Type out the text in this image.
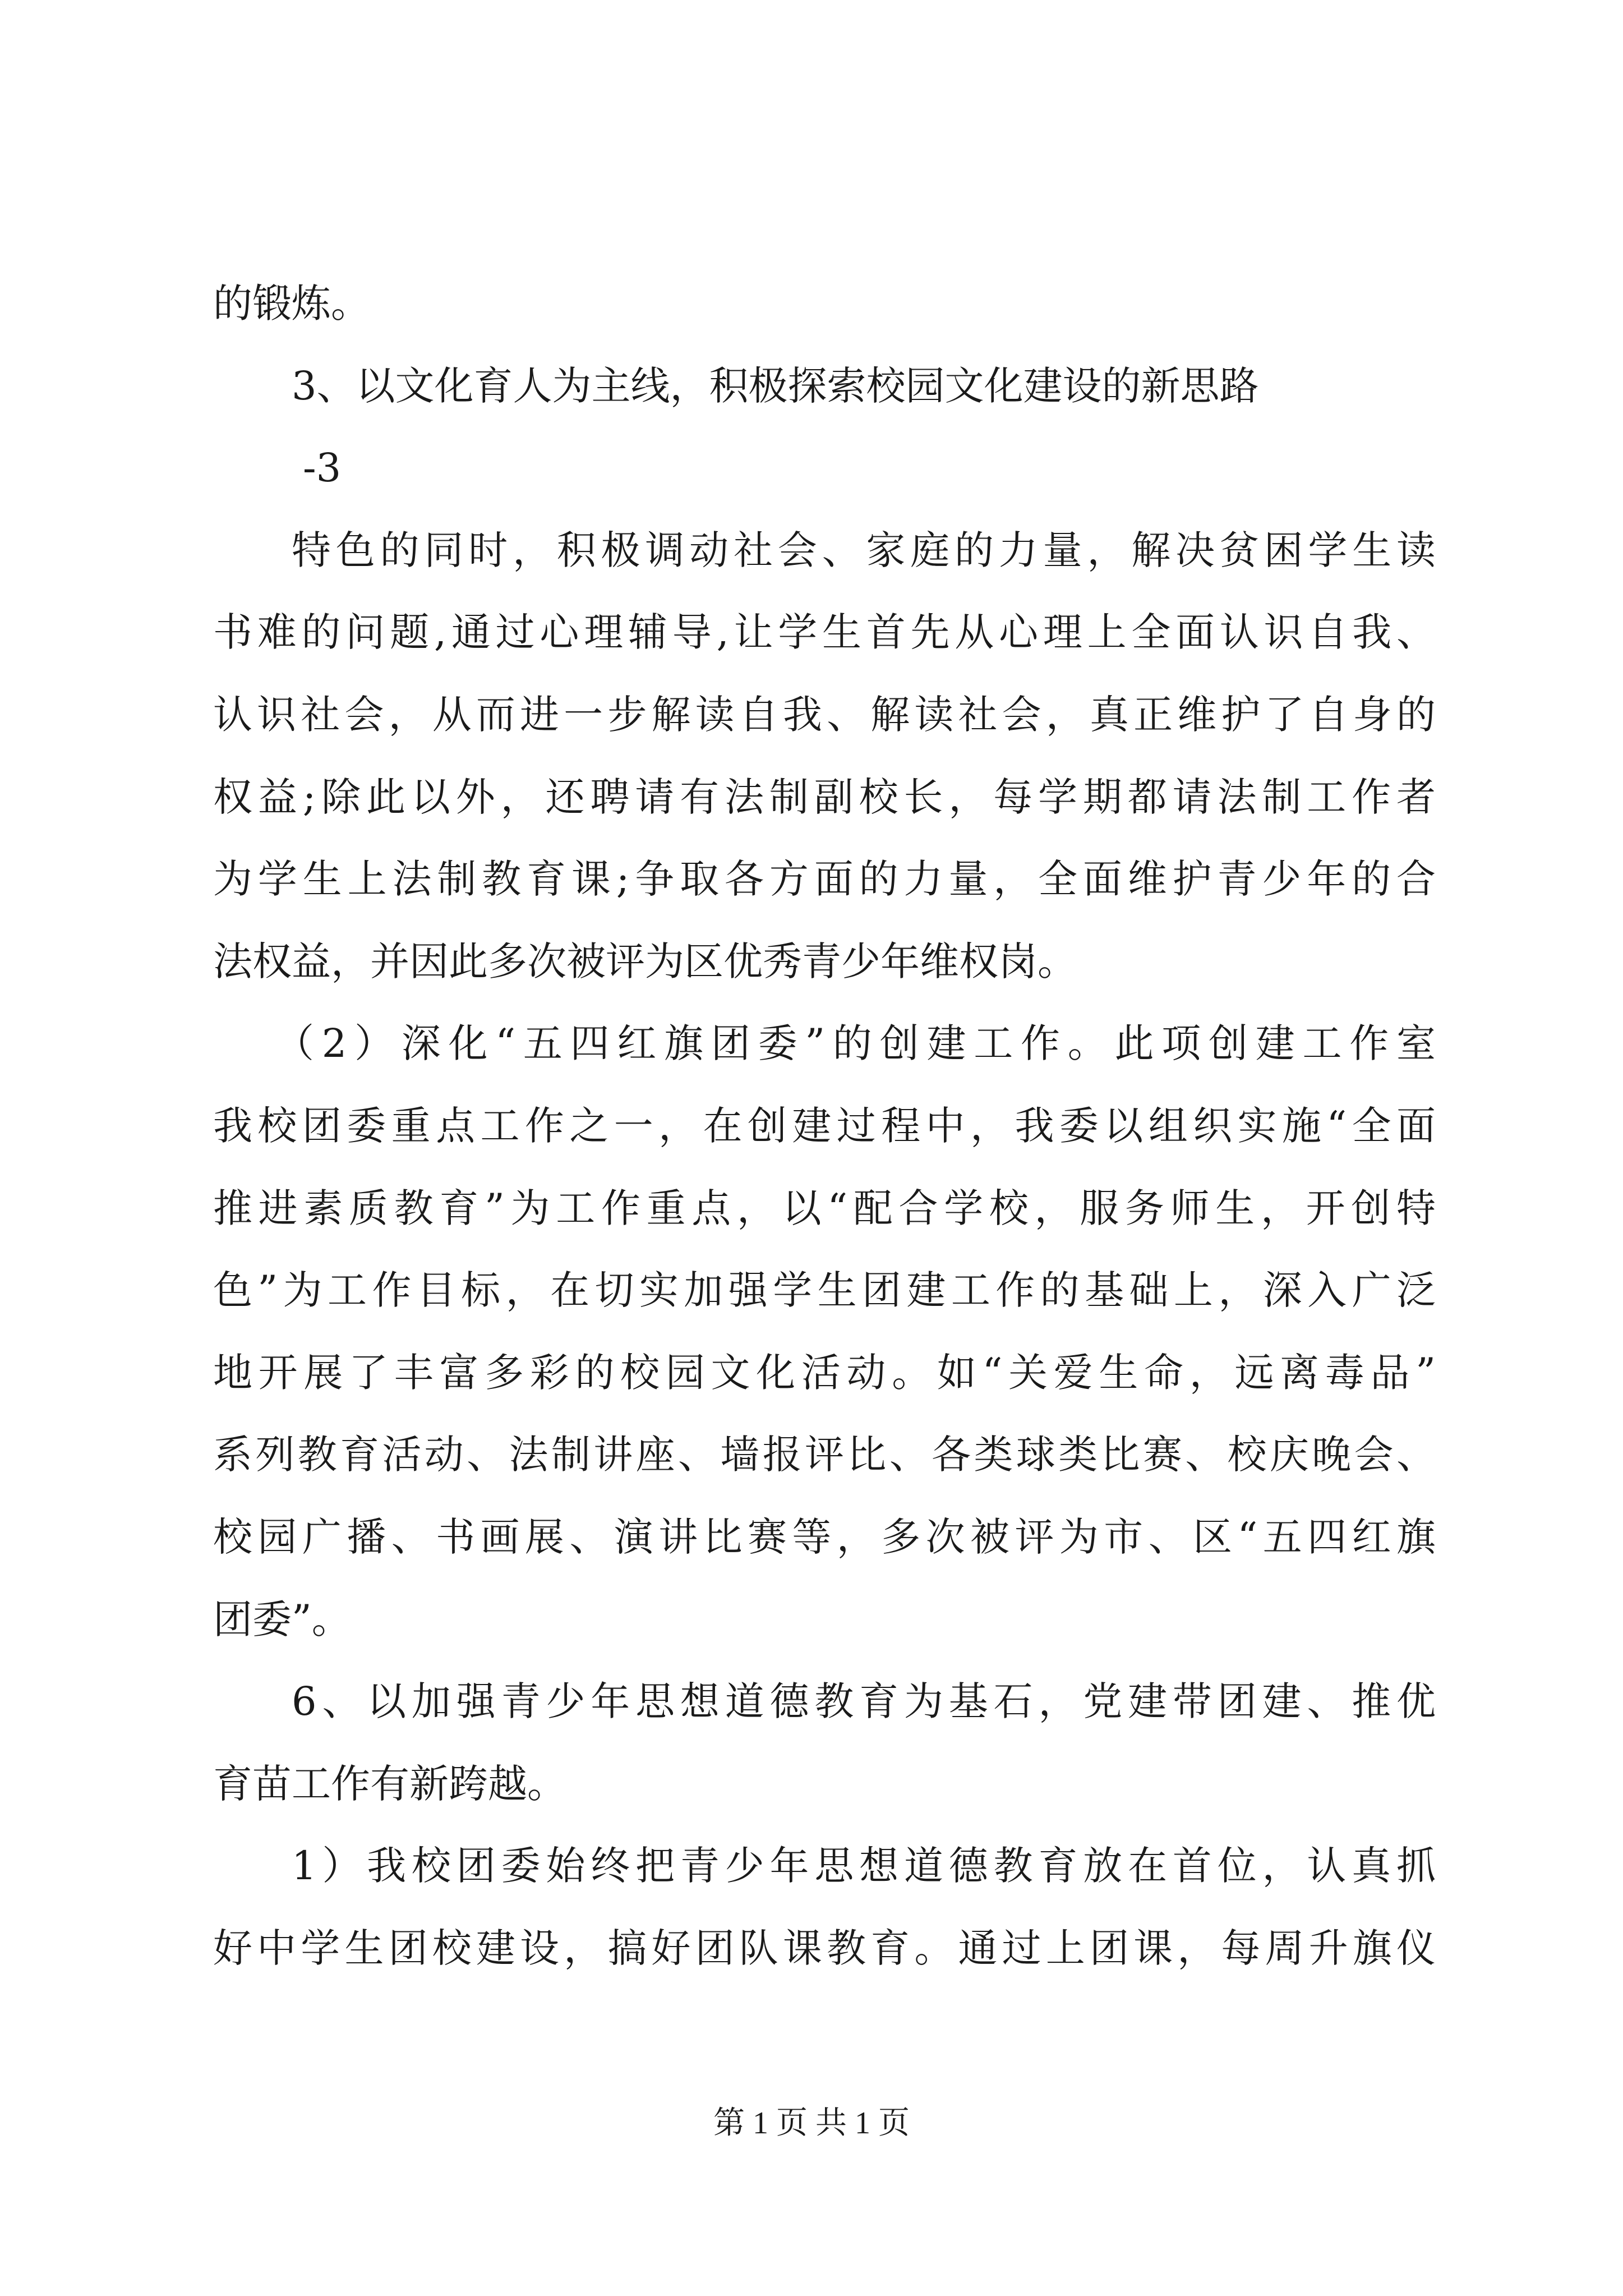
的锻炼。
3、以文化育人为主线，积极探索校园文化建设的新思路
-3
特色的同时，积极调动社会、家庭的力量，解决贫困学生读
书难的问题,通过心理辅导,让学生首先从心理上全面认识自我、
认识社会，从而进一步解读自我、解读社会，真正维护了自身的
权益;除此以外，还聘请有法制副校长，每学期都请法制工作者
为学生上法制教育课;争取各方面的力量，全面维护青少年的合
法权益，并因此多次被评为区优秀青少年维权岗。
（2）深化“五四红旗团委”的创建工作。此项创建工作室
我校团委重点工作之一，在创建过程中，我委以组织实施“全面
推进素质教育”为工作重点，以“配合学校，服务师生，开创特
色”为工作目标，在切实加强学生团建工作的基础上，深入广泛
地开展了丰富多彩的校园文化活动。如“关爱生命，远离毒品”
系列教育活动、法制讲座、墙报评比、各类球类比赛、校庆晚会、
校园广播、书画展、演讲比赛等，多次被评为市、区“五四红旗
团委”。
6、以加强青少年思想道德教育为基石，党建带团建、推优
育苗工作有新跨越。
1）我校团委始终把青少年思想道德教育放在首位，认真抓
好中学生团校建设，搞好团队课教育。通过上团课，每周升旗仪
第 1 页 共 1 页
